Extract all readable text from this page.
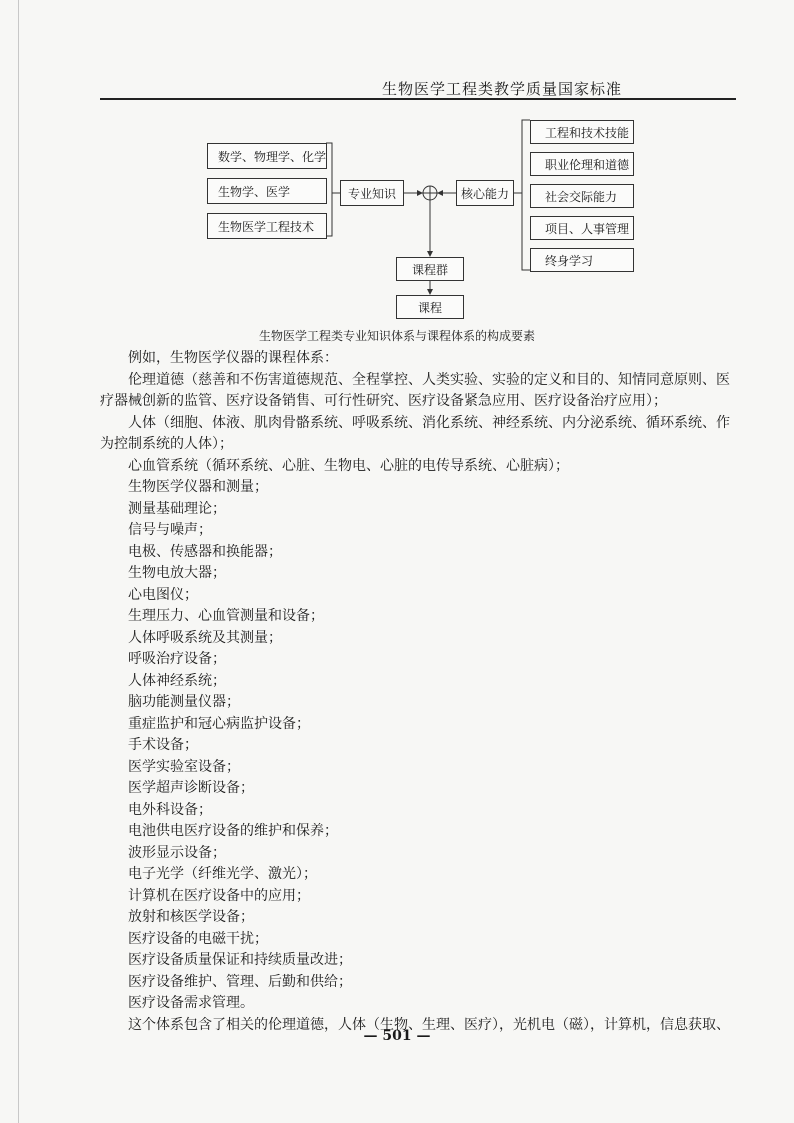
生物医学工程类教学质量国家标准
数学、物理学、化学
生物学、医学
生物医学工程技术
专业知识	核心能力
工程和技术技能
职业伦理和道德
社会交际能力
项目、人事管理
终身学习
课程群
课程
生物医学工程类专业知识体系与课程体系的构成要素

例如，生物医学仪器的课程体系：

伦理道德（慈善和不伤害道德规范、全程掌控、人类实验、实验的定义和目的、知情同意原则、医疗器械创新的监管、医疗设备销售、可行性研究、医疗设备紧急应用、医疗设备治疗应用）；

人体（细胞、体液、肌肉骨骼系统、呼吸系统、消化系统、神经系统、内分泌系统、循环系统、作为控制系统的人体）；

心血管系统（循环系统、心脏、生物电、心脏的电传导系统、心脏病）；

生物医学仪器和测量；

测量基础理论；

信号与噪声；

电极、传感器和换能器；

生物电放大器；

心电图仪；

生理压力、心血管测量和设备；

人体呼吸系统及其测量；

呼吸治疗设备；

人体神经系统；

脑功能测量仪器；

重症监护和冠心病监护设备；

手术设备；

医学实验室设备；

医学超声诊断设备；

电外科设备；

电池供电医疗设备的维护和保养；

波形显示设备；

电子光学（纤维光学、激光）；

计算机在医疗设备中的应用；

放射和核医学设备；

医疗设备的电磁干扰；

医疗设备质量保证和持续质量改进；

医疗设备维护、管理、后勤和供给；

医疗设备需求管理。

这个体系包含了相关的伦理道德，人体（生物、生理、医疗），光机电（磁），计算机，信息获取、

— 501 —
